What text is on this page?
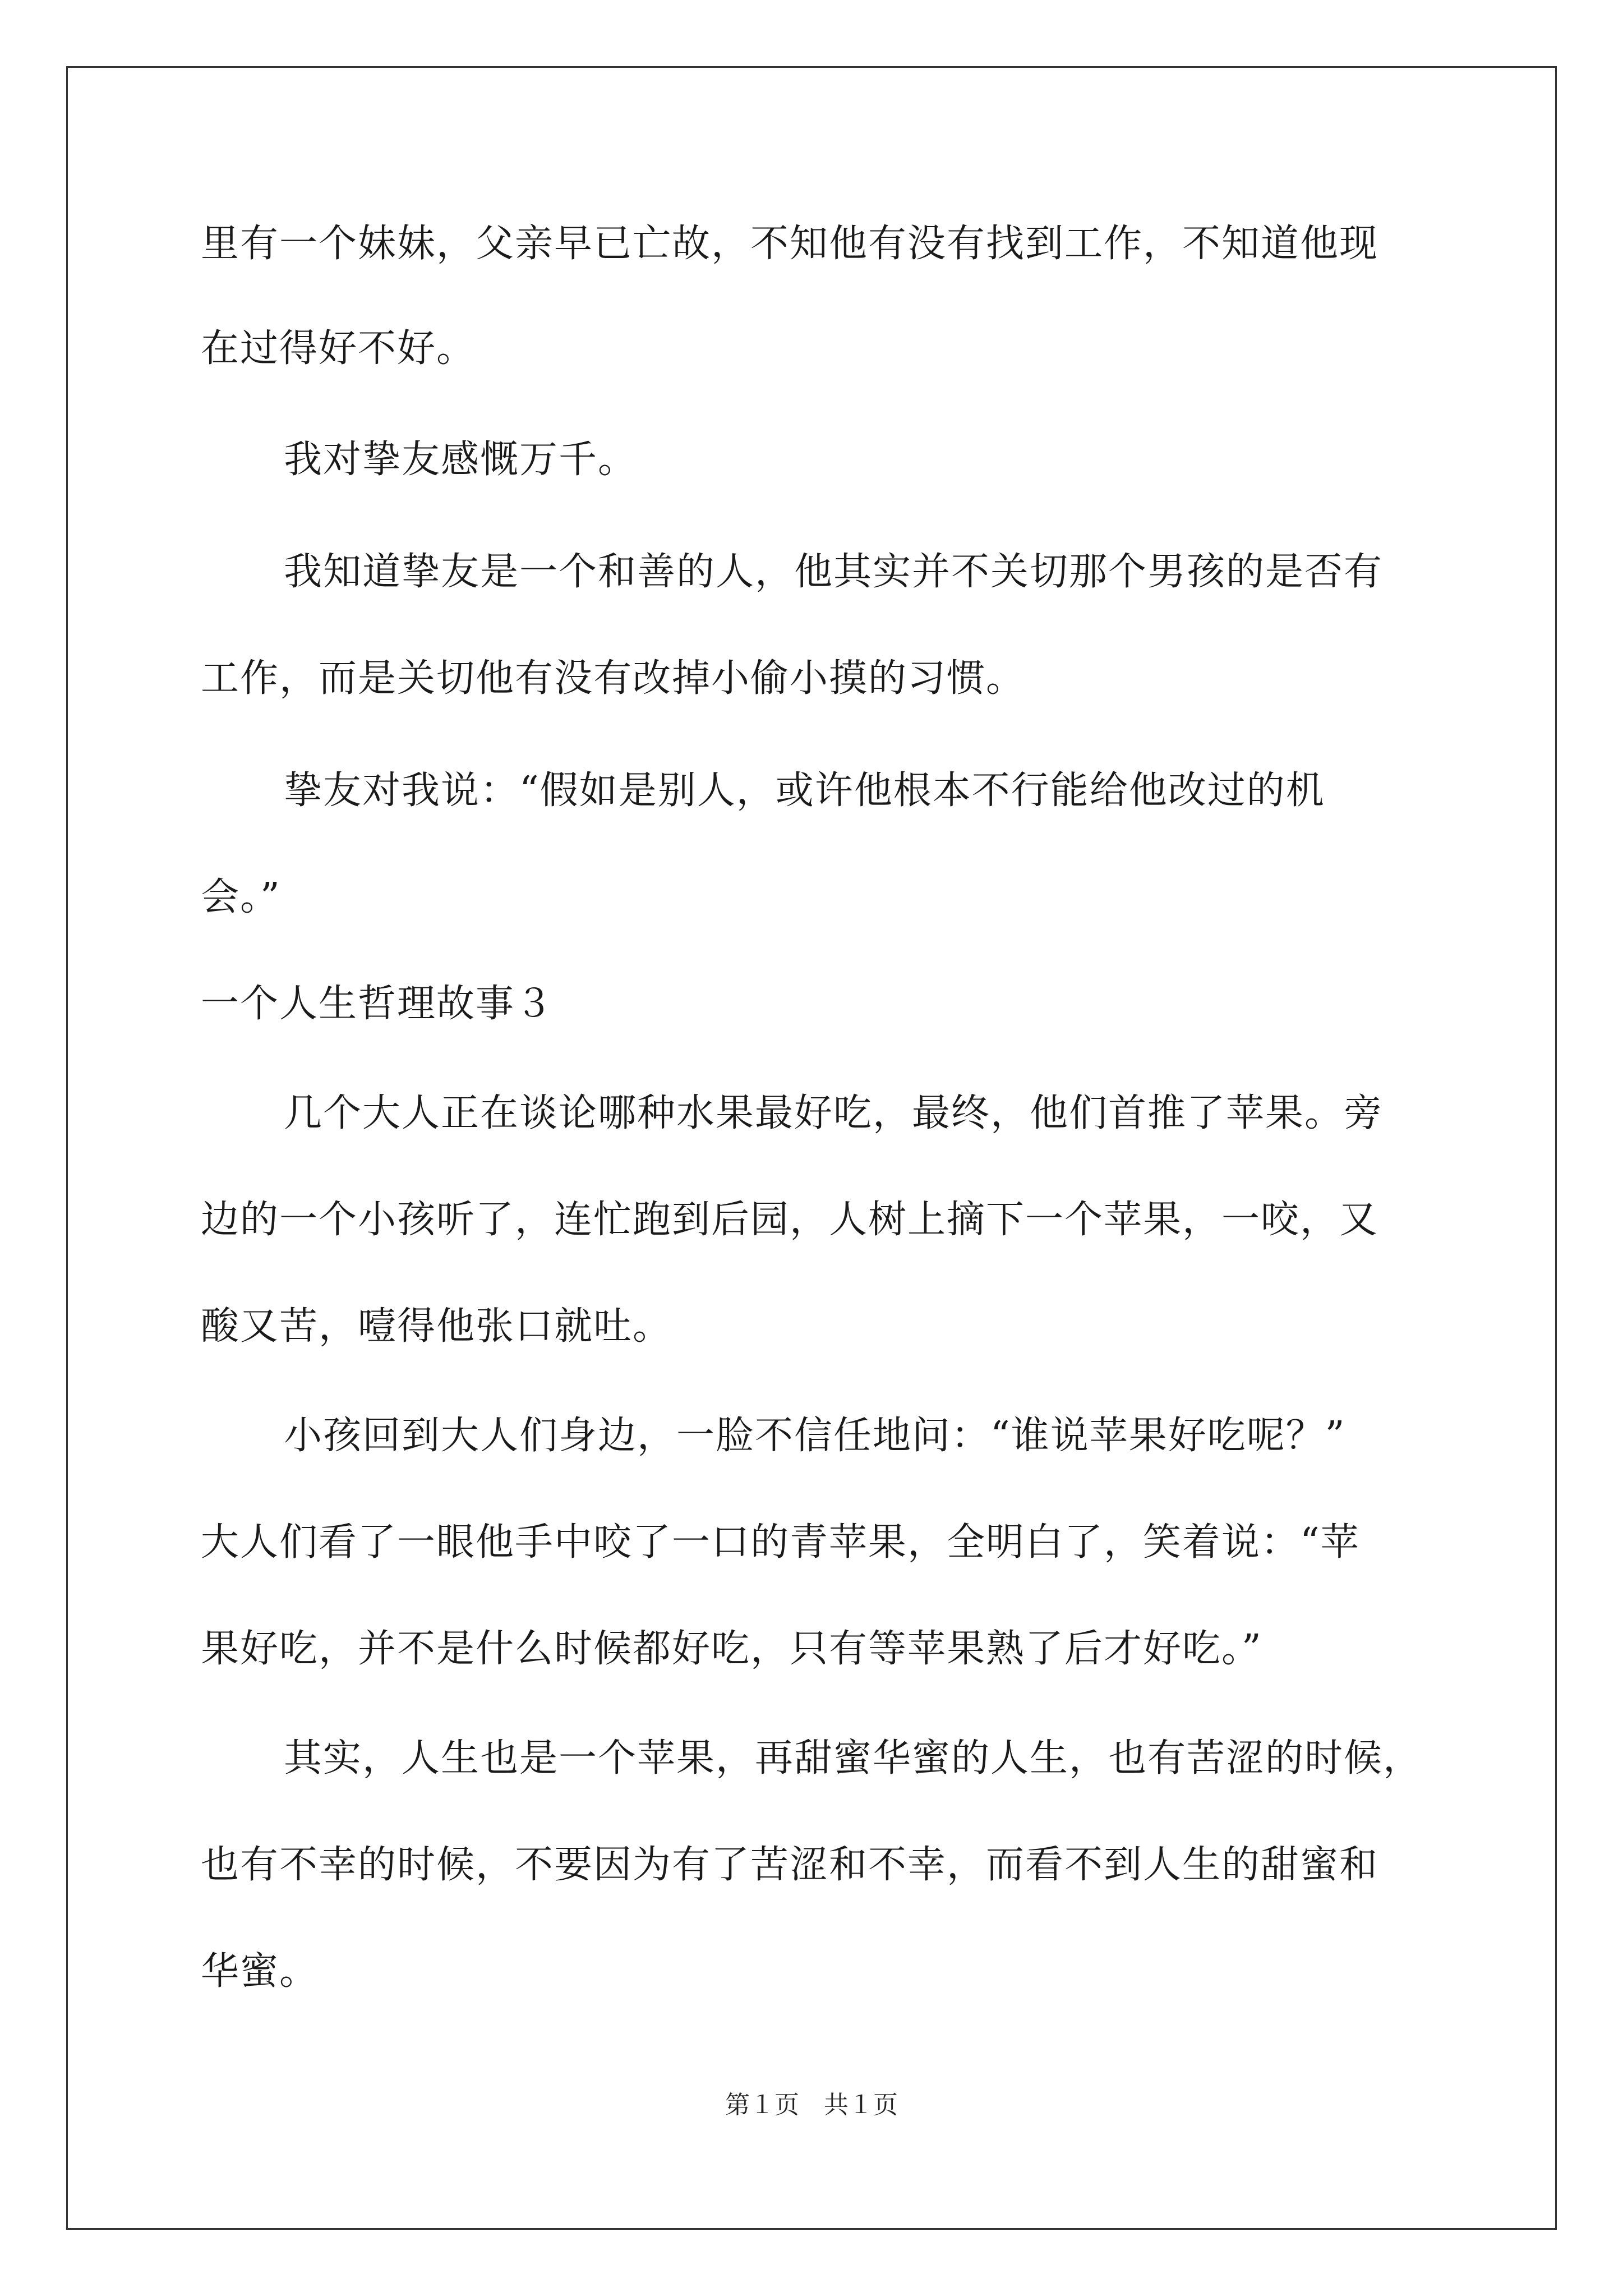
里有一个妹妹，父亲早已亡故，不知他有没有找到工作，不知道他现
在过得好不好。
我对挚友感慨万千。
我知道挚友是一个和善的人，他其实并不关切那个男孩的是否有
工作，而是关切他有没有改掉小偷小摸的习惯。
挚友对我说：“假如是别人，或许他根本不行能给他改过的机
会。”
一个人生哲理故事３
几个大人正在谈论哪种水果最好吃，最终，他们首推了苹果。旁
边的一个小孩听了，连忙跑到后园，人树上摘下一个苹果，一咬，又
酸又苦，噎得他张口就吐。
小孩回到大人们身边，一脸不信任地问：“谁说苹果好吃呢？”
大人们看了一眼他手中咬了一口的青苹果，全明白了，笑着说：“苹
果好吃，并不是什么时候都好吃，只有等苹果熟了后才好吃。”
其实，人生也是一个苹果，再甜蜜华蜜的人生，也有苦涩的时候，
也有不幸的时候，不要因为有了苦涩和不幸，而看不到人生的甜蜜和
华蜜。
第１页　共１页
